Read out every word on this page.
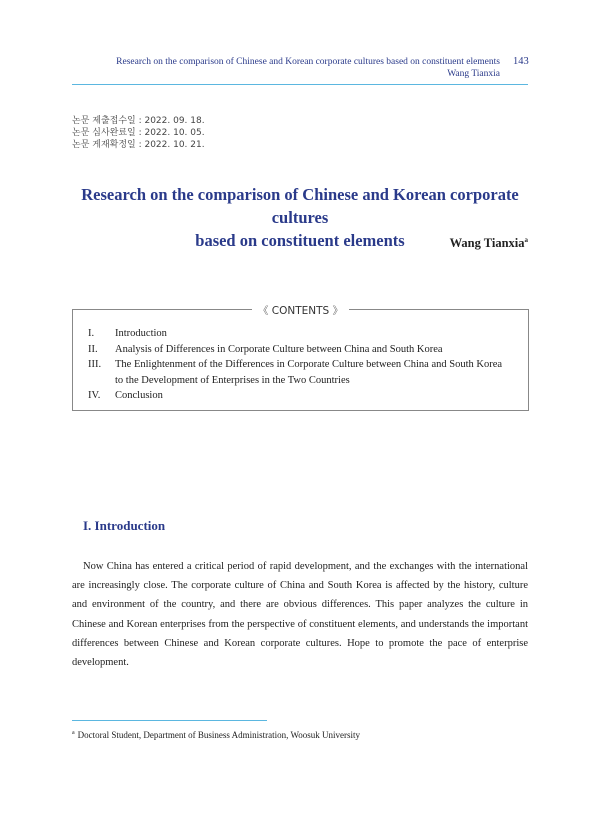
Research on the comparison of Chinese and Korean corporate cultures based on constituent elements
Wang Tianxia
143
논문 제출접수일 : 2022. 09. 18.
논문 심사완료일 : 2022. 10. 05.
논문 게재확정일 : 2022. 10. 21.
Research on the comparison of Chinese and Korean corporate cultures
based on constituent elements	Wang Tianxia$^a$
《 CONTENTS 》
I.	Introduction
II.	Analysis of Differences in Corporate Culture between China and South Korea
III.	The Enlightenment of the Differences in Corporate Culture between China and South Korea
to the Development of Enterprises in the Two Countries
IV.	Conclusion
I. Introduction

Now China has entered a critical period of rapid development, and the exchanges with the international are increasingly close. The corporate culture of China and South Korea is affected by the history, culture and environment of the country, and there are obvious differences. This paper analyzes the culture in Chinese and Korean enterprises from the perspective of constituent elements, and understands the important differences between Chinese and Korean corporate cultures. Hope to promote the pace of enterprise development.

$^a$ Doctoral Student, Department of Business Administration, Woosuk University
